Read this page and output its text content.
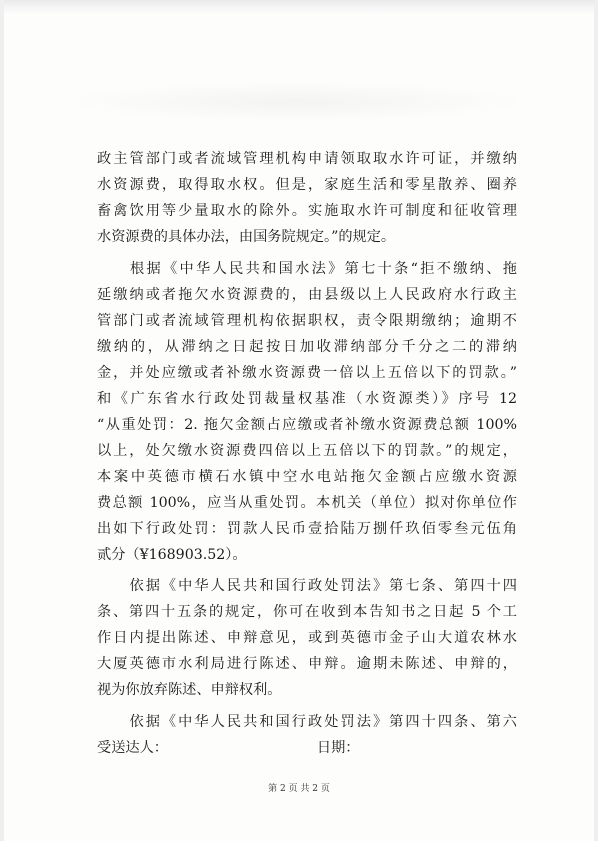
政主管部门或者流域管理机构申请领取取水许可证，并缴纳
水资源费，取得取水权。但是，家庭生活和零星散养、圈养
畜禽饮用等少量取水的除外。实施取水许可制度和征收管理
水资源费的具体办法，由国务院规定。”的规定。
　　根据《中华人民共和国水法》第七十条“拒不缴纳、拖
延缴纳或者拖欠水资源费的，由县级以上人民政府水行政主
管部门或者流域管理机构依据职权，责令限期缴纳；逾期不
缴纳的，从滞纳之日起按日加收滞纳部分千分之二的滞纳
金，并处应缴或者补缴水资源费一倍以上五倍以下的罚款。”
和《广东省水行政处罚裁量权基准（水资源类）》序号 12
“从重处罚：2. 拖欠金额占应缴或者补缴水资源费总额 100%
以上，处欠缴水资源费四倍以上五倍以下的罚款。”的规定，
本案中英德市横石水镇中空水电站拖欠金额占应缴水资源
费总额 100%，应当从重处罚。本机关（单位）拟对你单位作
出如下行政处罚：罚款人民币壹拾陆万捌仟玖佰零叁元伍角
贰分（¥168903.52）。
　　依据《中华人民共和国行政处罚法》第七条、第四十四
条、第四十五条的规定，你可在收到本告知书之日起 5 个工
作日内提出陈述、申辩意见，或到英德市金子山大道农林水
大厦英德市水利局进行陈述、申辩。逾期未陈述、申辩的，
视为你放弃陈述、申辩权利。
　　依据《中华人民共和国行政处罚法》第四十四条、第六
受送达人：　　　　　　　　　　　日期：
第 2 页 共 2 页
